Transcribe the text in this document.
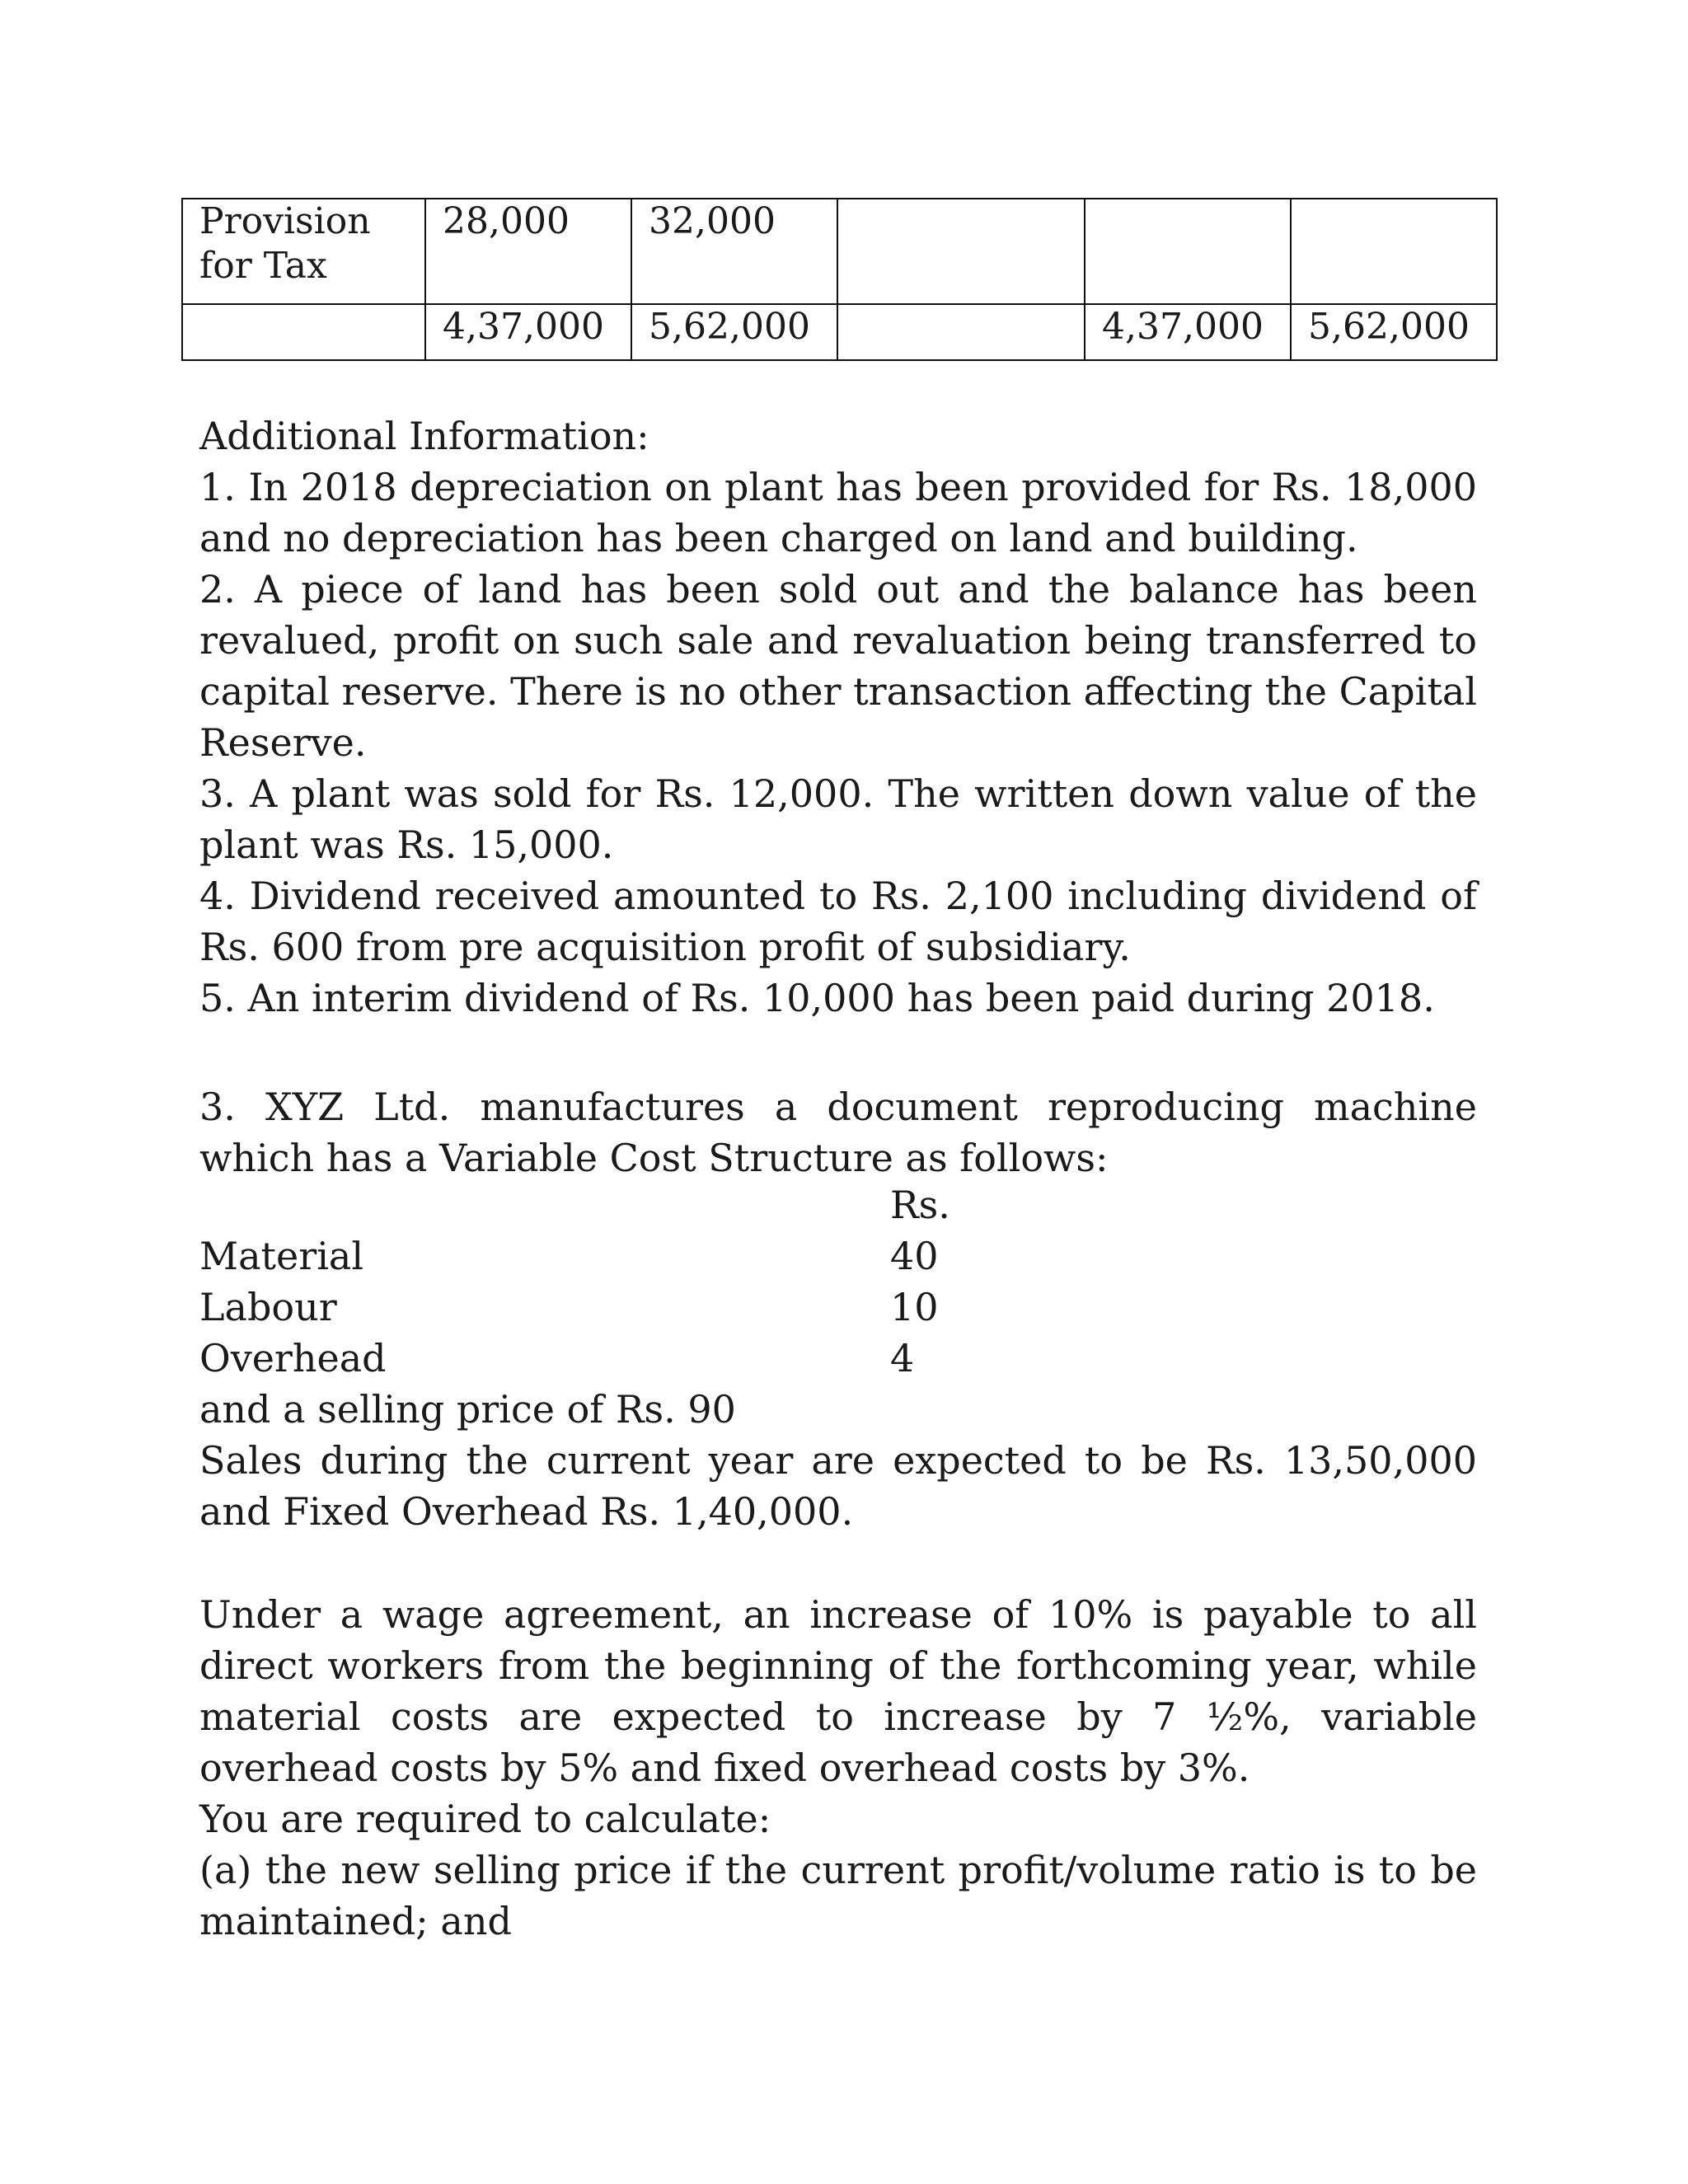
Provision for Tax	28,000	32,000			
	4,37,000	5,62,000		4,37,000	5,62,000

Additional Information:

1. In 2018 depreciation on plant has been provided for Rs. 18,000 and no depreciation has been charged on land and building.

2. A piece of land has been sold out and the balance has been revalued, profit on such sale and revaluation being transferred to capital reserve. There is no other transaction affecting the Capital Reserve.

3. A plant was sold for Rs. 12,000. The written down value of the plant was Rs. 15,000.

4. Dividend received amounted to Rs. 2,100 including dividend of Rs. 600 from pre acquisition profit of subsidiary.

5. An interim dividend of Rs. 10,000 has been paid during 2018.

3. XYZ Ltd. manufactures a document reproducing machine which has a Variable Cost Structure as follows:

Rs.
Material	40
Labour	10
Overhead	4

and a selling price of Rs. 90

Sales during the current year are expected to be Rs. 13,50,000 and Fixed Overhead Rs. 1,40,000.

Under a wage agreement, an increase of 10% is payable to all direct workers from the beginning of the forthcoming year, while material costs are expected to increase by 7 ½%, variable overhead costs by 5% and fixed overhead costs by 3%.

You are required to calculate:

(a) the new selling price if the current profit/volume ratio is to be maintained; and
